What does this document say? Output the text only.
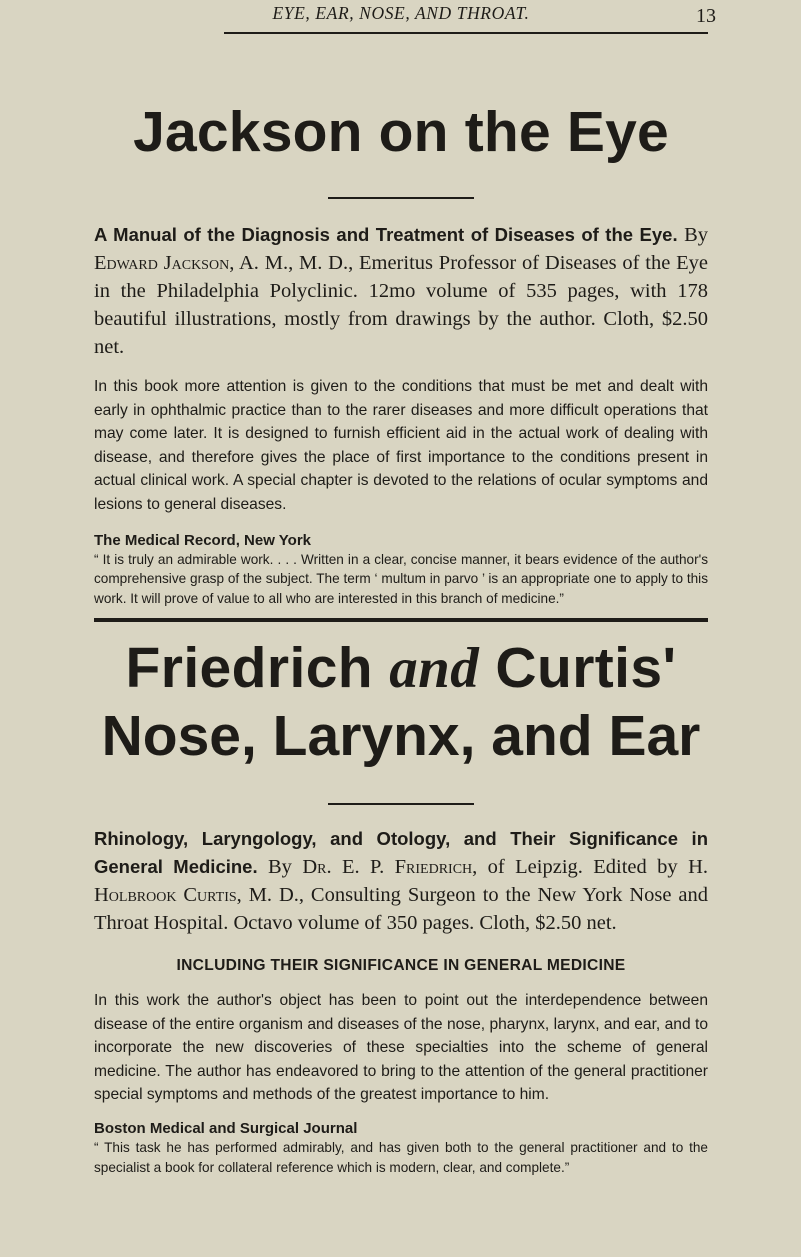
EYE, EAR, NOSE, AND THROAT.	13
Jackson on the Eye

A Manual of the Diagnosis and Treatment of Diseases of the Eye. By Edward Jackson, A. M., M. D., Emeritus Professor of Diseases of the Eye in the Philadelphia Polyclinic. 12mo volume of 535 pages, with 178 beautiful illustrations, mostly from drawings by the author. Cloth, $2.50 net.

In this book more attention is given to the conditions that must be met and dealt with early in ophthalmic practice than to the rarer diseases and more difficult operations that may come later. It is designed to furnish efficient aid in the actual work of dealing with disease, and therefore gives the place of first importance to the conditions present in actual clinical work. A special chapter is devoted to the relations of ocular symptoms and lesions to general diseases.

The Medical Record, New York
“ It is truly an admirable work. . . . Written in a clear, concise manner, it bears evidence of the author's comprehensive grasp of the subject. The term ‘ multum in parvo ’ is an appropriate one to apply to this work. It will prove of value to all who are interested in this branch of medicine.”
Friedrich and Curtis'
Nose, Larynx, and Ear

Rhinology, Laryngology, and Otology, and Their Significance in General Medicine. By Dr. E. P. Friedrich, of Leipzig. Edited by H. Holbrook Curtis, M. D., Consulting Surgeon to the New York Nose and Throat Hospital. Octavo volume of 350 pages. Cloth, $2.50 net.

INCLUDING THEIR SIGNIFICANCE IN GENERAL MEDICINE

In this work the author's object has been to point out the interdependence between disease of the entire organism and diseases of the nose, pharynx, larynx, and ear, and to incorporate the new discoveries of these specialties into the scheme of general medicine. The author has endeavored to bring to the attention of the general practitioner special symptoms and methods of the greatest importance to him.

Boston Medical and Surgical Journal
“ This task he has performed admirably, and has given both to the general practitioner and to the specialist a book for collateral reference which is modern, clear, and complete.”
